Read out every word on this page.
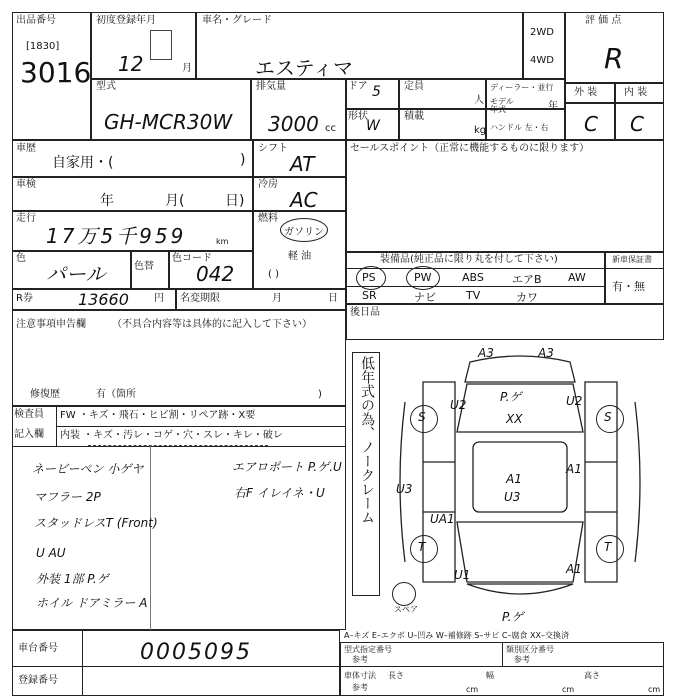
出品番号
[1830]
3016
初度登録年月
12	月
車名・グレード
エスティマ
2WD
4WD
評 価 点
R
外 装	内 装
C C
型式
GH-MCR30W
排気量
3000 cc
ドア 5
形状
W
定員
人
積載
kg
ディーラー・並行
モデル
年式	年
ハンドル 左・右
車歴
自家用・(	)
シフト
AT
車検
年	月(	日)
冷房
AC
走行
17万5千959	km
燃料
ガソリン
軽 油
( )
色
パール	色替
色コード
042
R券	13660	円 名変期限	月	日
セールスポイント（正常に機能するものに限ります）
装備品(純正品に限り丸を付して下さい)	新車保証書
PS	PW	ABS	エアB AW
SR	ナビ	TV	カワ
有・無
後日品
注意事項申告欄	（不具合内容等は具体的に記入して下さい）
修復歴	有（箇所	)
検査員
記入欄
FW ・キズ・飛石・ヒビ割・リペア跡・X要
内装 ・キズ・汚レ・コゲ・穴・スレ・キレ・破レ
ネービーペン 小ゲヤ
マフラー 2P
スタッドレスT (Front)
U AU
外装 1部 P.ゲ
ホイル ドアミラー A
エアロポート P.ゲ.U
右F イレイネ・U 低年式の為、ノークレーム
スペア
A3	A3
P.ゲ
XX
U2
A1
U3
A1
U3
U2
UA1
U1	A1
P.ゲ
S	S
T	T
A–キズ E–エクボ U–凹み W–補修跡 S–サビ C–腐食 XX–交換済
車台番号	0005095
登録番号
型式指定番号
参考
類別区分番号
参考
車体寸法
参考
長さ
cm
幅
cm
高さ
cm
